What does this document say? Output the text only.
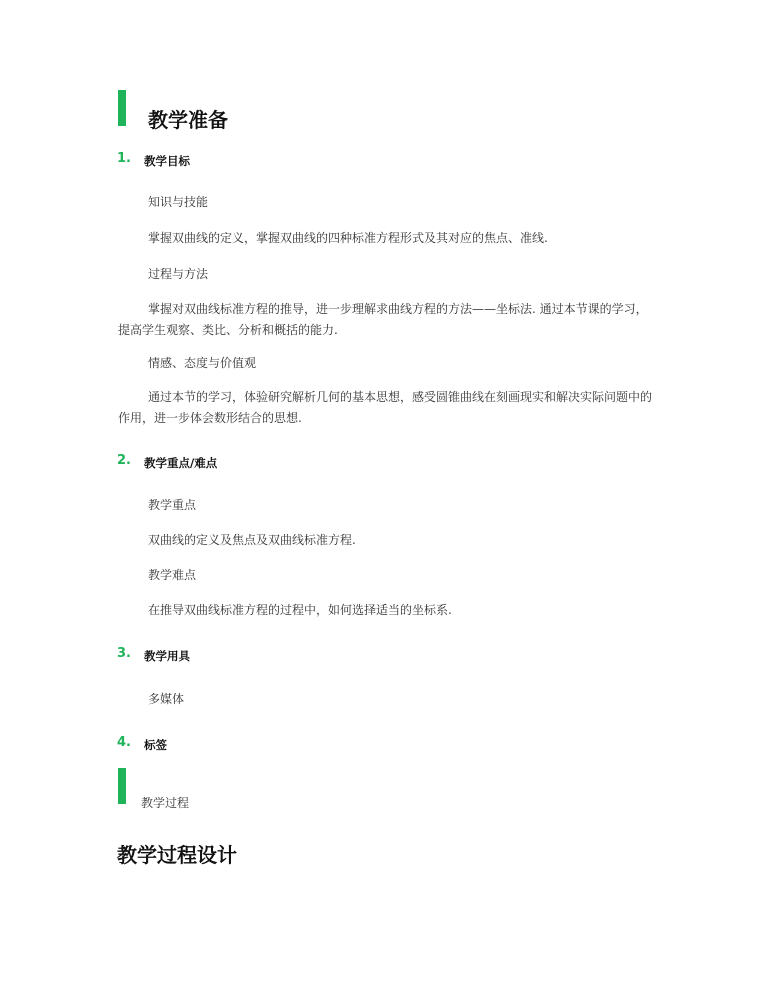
教学准备
1. 教学目标

知识与技能

掌握双曲线的定义，掌握双曲线的四种标准方程形式及其对应的焦点、准线.

过程与方法

掌握对双曲线标准方程的推导，进一步理解求曲线方程的方法——坐标法. 通过本节课的学习，提高学生观察、类比、分析和概括的能力.

情感、态度与价值观

通过本节的学习，体验研究解析几何的基本思想，感受圆锥曲线在刻画现实和解决实际问题中的作用，进一步体会数形结合的思想.

2. 教学重点/难点

教学重点

双曲线的定义及焦点及双曲线标准方程.

教学难点

在推导双曲线标准方程的过程中，如何选择适当的坐标系.

3. 教学用具

多媒体

4. 标签
教学过程
教学过程设计
